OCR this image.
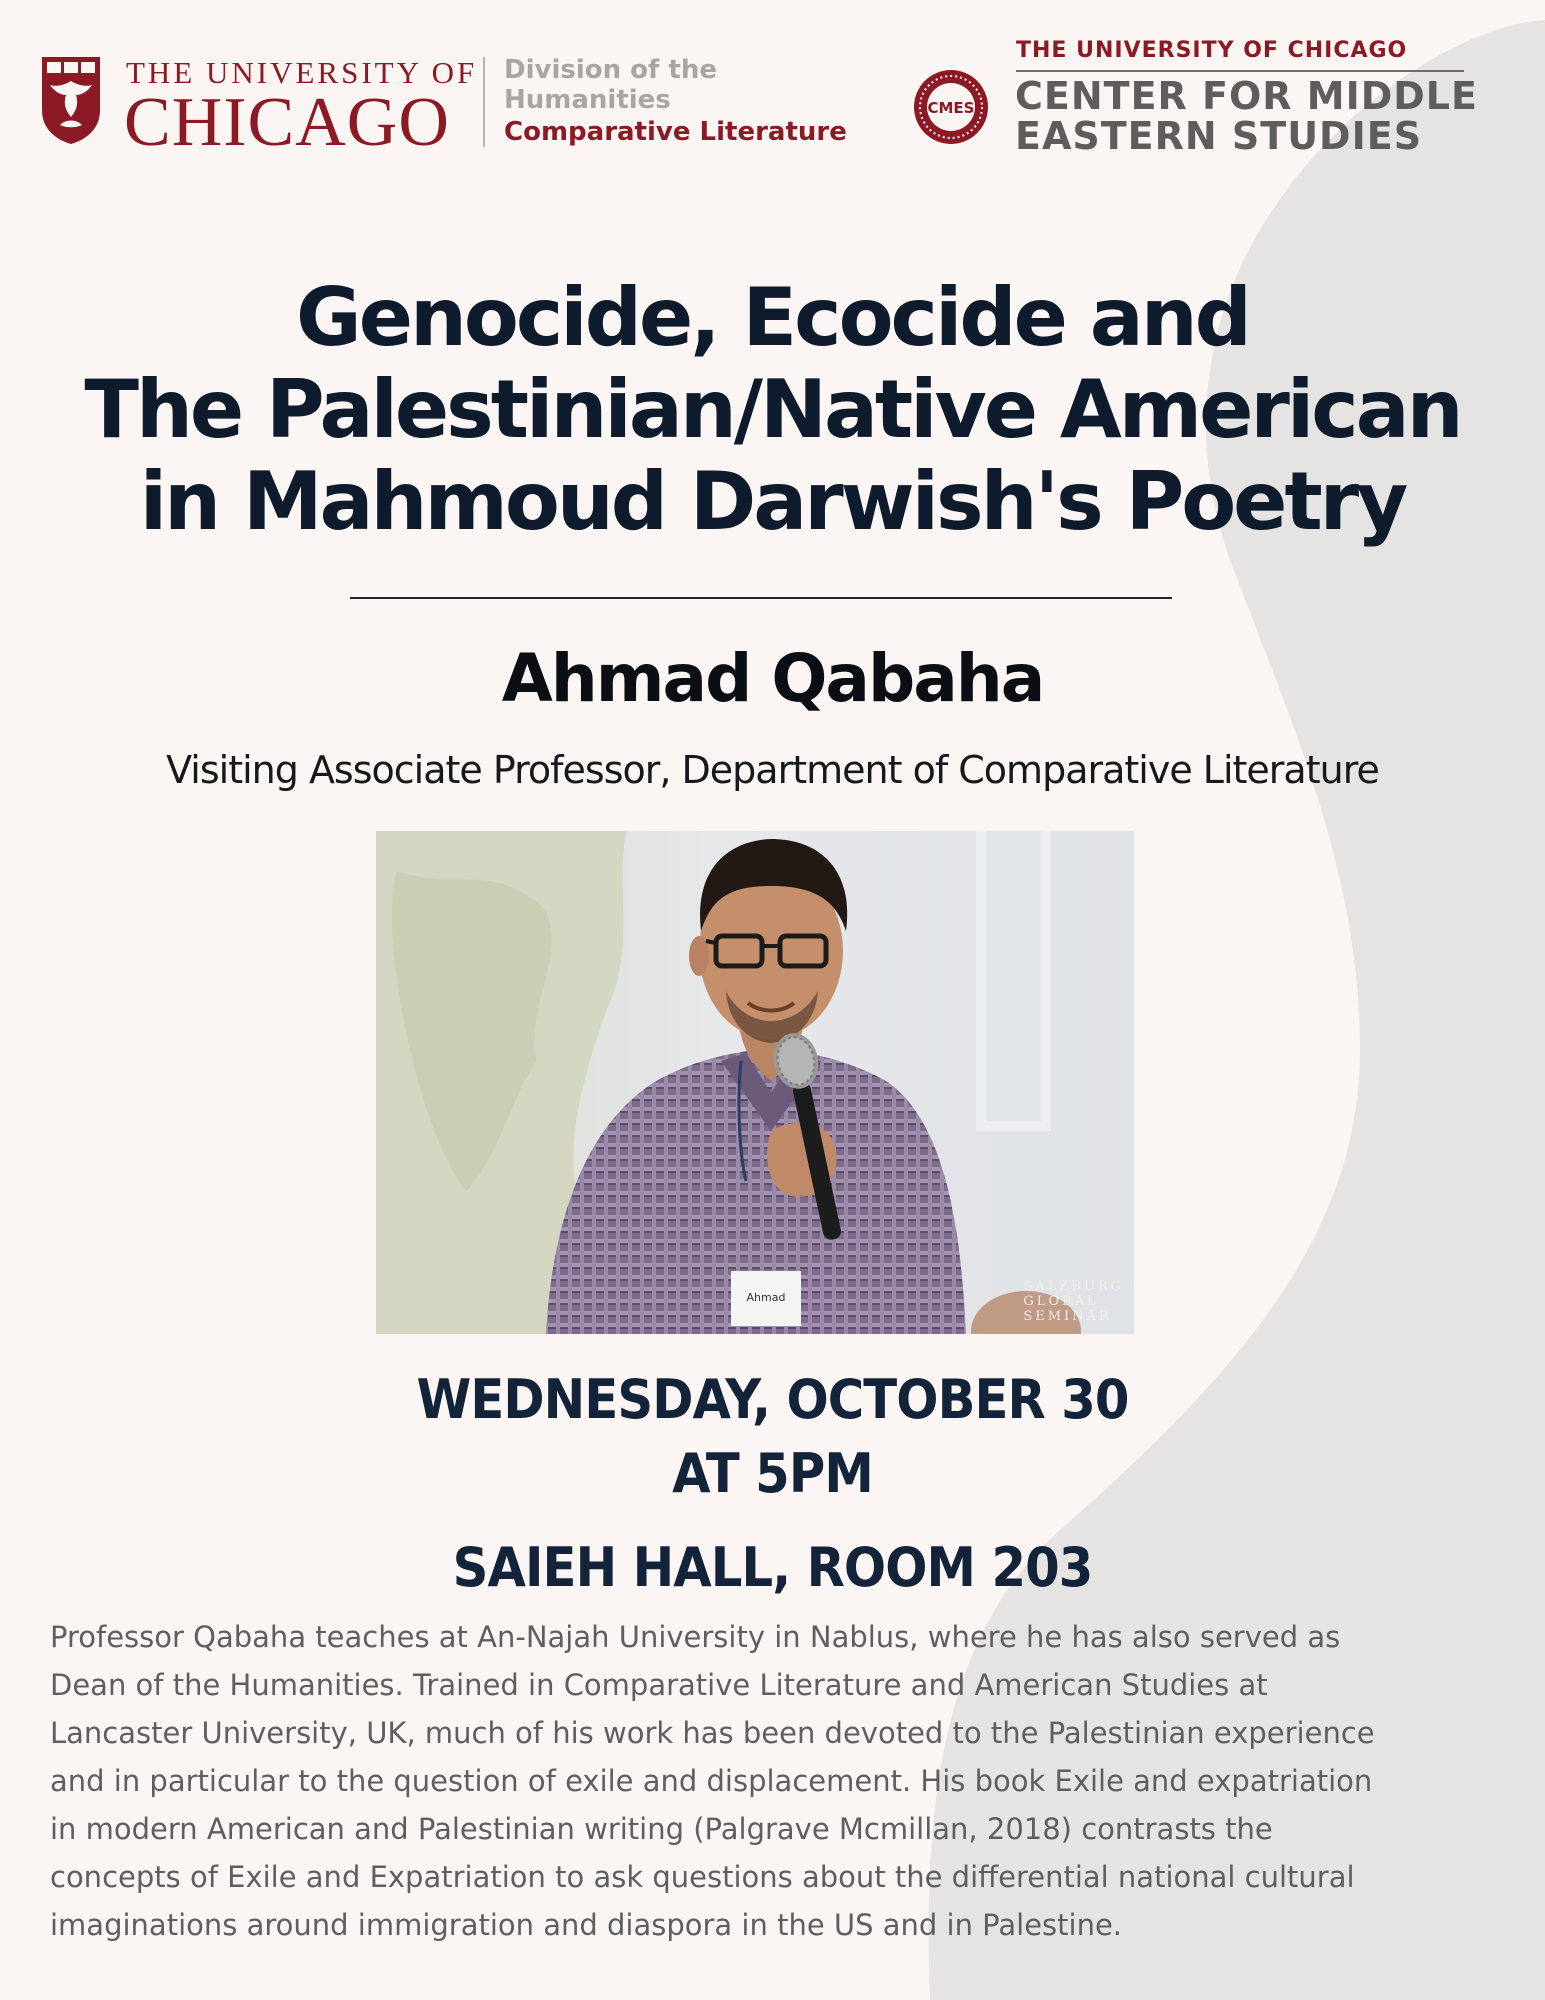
THE UNIVERSITY OF
CHICAGO
Division of the
Humanities
Comparative Literature
CMES
THE UNIVERSITY OF CHICAGO
CENTER FOR MIDDLE
EASTERN STUDIES
Genocide, Ecocide and
The Palestinian/Native American
in Mahmoud Darwish's Poetry
Ahmad Qabaha
Visiting Associate Professor, Department of Comparative Literature
Ahmad
SALZBURG
GLOBAL
SEMINAR
WEDNESDAY, OCTOBER 30
AT 5PM
SAIEH HALL, ROOM 203
Professor Qabaha teaches at An-Najah University in Nablus, where he has also served as
Dean of the Humanities. Trained in Comparative Literature and American Studies at
Lancaster University, UK, much of his work has been devoted to the Palestinian experience
and in particular to the question of exile and displacement. His book Exile and expatriation
in modern American and Palestinian writing (Palgrave Mcmillan, 2018) contrasts the
concepts of Exile and Expatriation to ask questions about the differential national cultural
imaginations around immigration and diaspora in the US and in Palestine.
